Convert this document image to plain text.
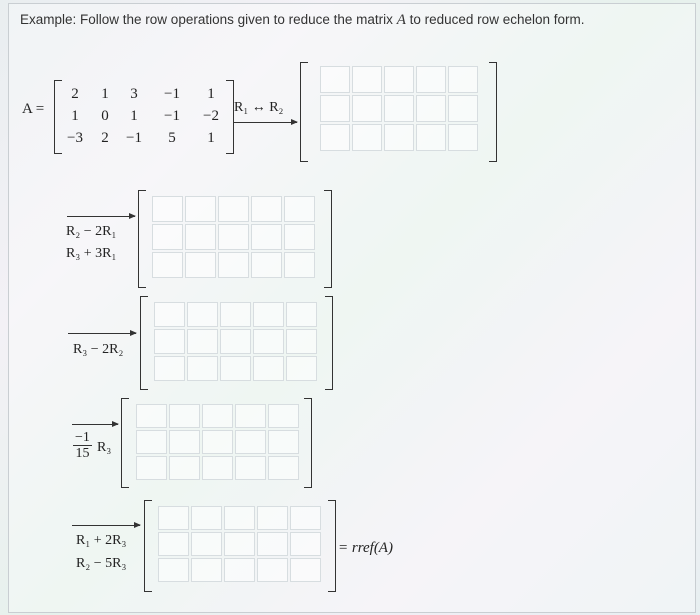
Example: Follow the row operations given to reduce the matrix A to reduced row echelon form.
A =
2	1	3	−1	1
1	0	1	−1	−2
−3	2	−1	5	1
R₁ ↔ R₂
R₂ − 2R₁
R₃ + 3R₁
R₃ − 2R₂
$\frac{-1}{15} R_3$
R₁ + 2R₃
R₂ − 5R₃
= rref(A)
